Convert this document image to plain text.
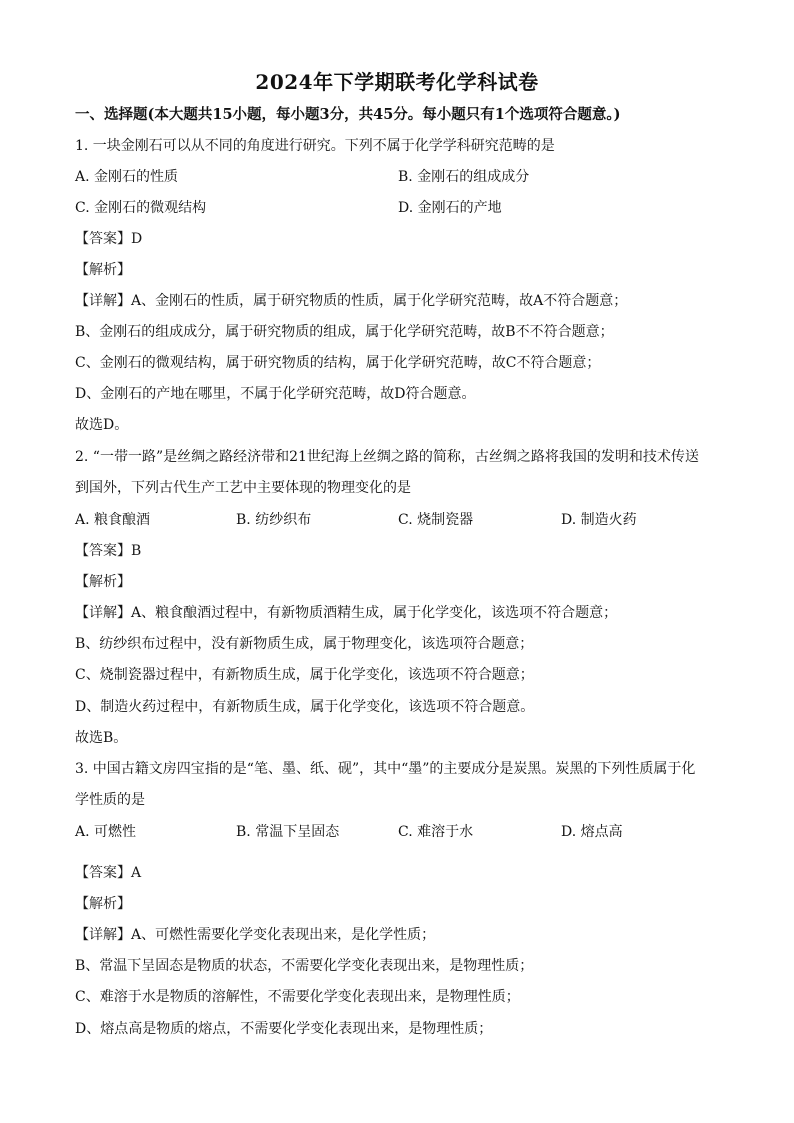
2024年下学期联考化学科试卷
一、选择题(本大题共15小题，每小题3分，共45分。每小题只有1个选项符合题意。)
1. 一块金刚石可以从不同的角度进行研究。下列不属于化学学科研究范畴的是
A. 金刚石的性质	B. 金刚石的组成成分
C. 金刚石的微观结构	D. 金刚石的产地
【答案】D
【解析】
【详解】A、金刚石的性质，属于研究物质的性质，属于化学研究范畴，故A不符合题意；
B、金刚石的组成成分，属于研究物质的组成，属于化学研究范畴，故B不不符合题意；
C、金刚石的微观结构，属于研究物质的结构，属于化学研究范畴，故C不符合题意；
D、金刚石的产地在哪里，不属于化学研究范畴，故D符合题意。
故选D。
2. “一带一路”是丝绸之路经济带和21世纪海上丝绸之路的简称，古丝绸之路将我国的发明和技术传送
到国外，下列古代生产工艺中主要体现的物理变化的是
A. 粮食酿酒	B. 纺纱织布	C. 烧制瓷器	D. 制造火药
【答案】B
【解析】
【详解】A、粮食酿酒过程中，有新物质酒精生成，属于化学变化，该选项不符合题意；
B、纺纱织布过程中，没有新物质生成，属于物理变化，该选项符合题意；
C、烧制瓷器过程中，有新物质生成，属于化学变化，该选项不符合题意；
D、制造火药过程中，有新物质生成，属于化学变化，该选项不符合题意。
故选B。
3. 中国古籍文房四宝指的是“笔、墨、纸、砚”，其中“墨”的主要成分是炭黑。炭黑的下列性质属于化
学性质的是
A. 可燃性	B. 常温下呈固态	C. 难溶于水	D. 熔点高
【答案】A
【解析】
【详解】A、可燃性需要化学变化表现出来，是化学性质；
B、常温下呈固态是物质的状态，不需要化学变化表现出来，是物理性质；
C、难溶于水是物质的溶解性，不需要化学变化表现出来，是物理性质；
D、熔点高是物质的熔点，不需要化学变化表现出来，是物理性质；
